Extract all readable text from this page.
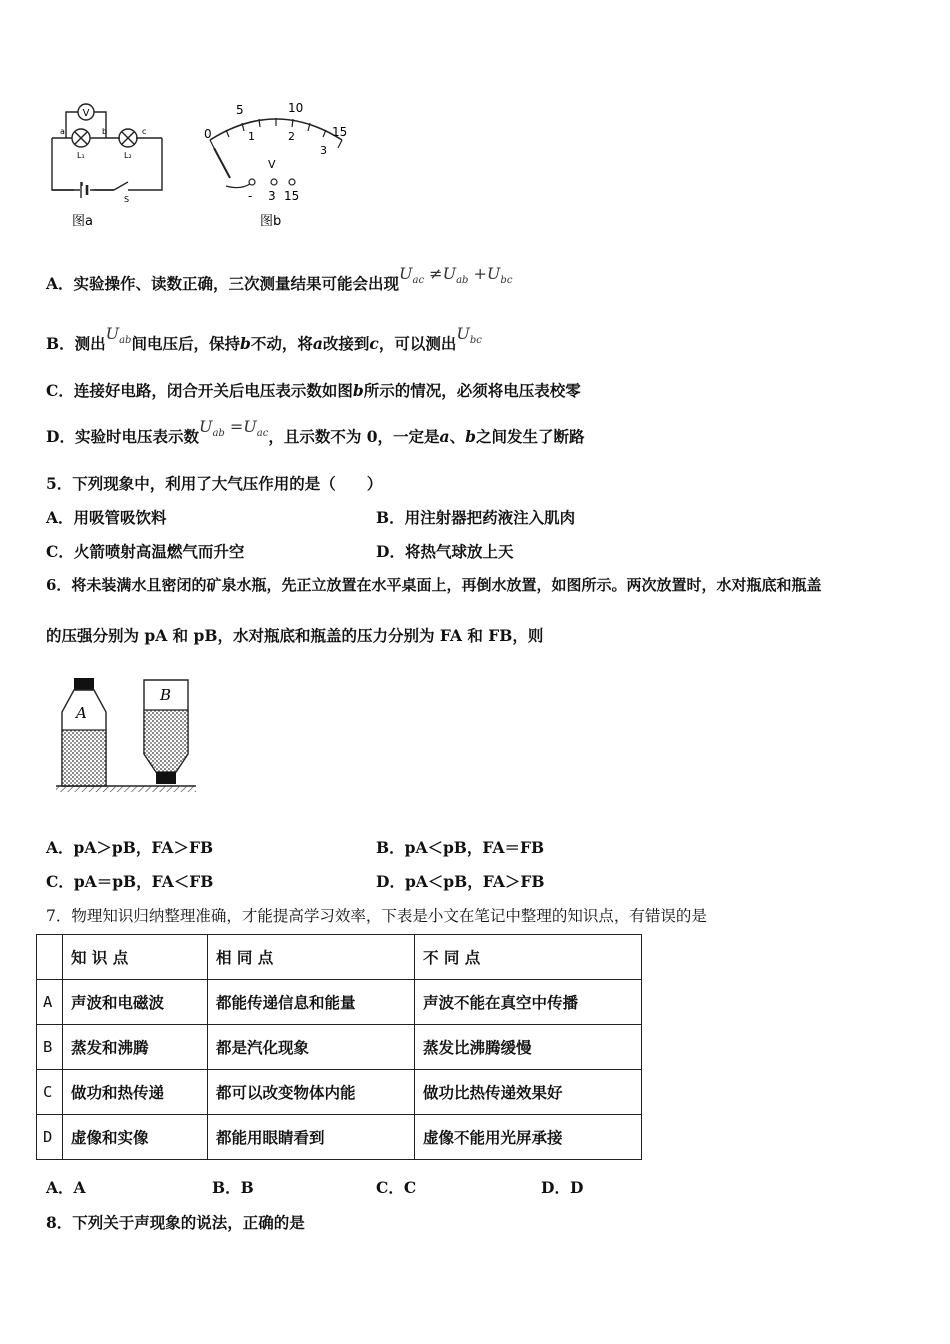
V
a	b	c
L₁	L₂
S
图a
0
5	10
15
1	2
3
V
- 3 15
图b
A．实验操作、读数正确，三次测量结果可能会出现$U_{ac} \ne U_{ab} +U_{bc}$
B．测出$U_{ab}$间电压后，保持b不动，将a改接到c，可以测出$U_{bc}$
C．连接好电路，闭合开关后电压表示数如图b所示的情况，必须将电压表校零
D．实验时电压表示数$U_{ab} =U_{ac}$，且示数不为 0，一定是a、b之间发生了断路
5．下列现象中，利用了大气压作用的是（　　）
A．用吸管吸饮料	B．用注射器把药液注入肌肉
C．火箭喷射高温燃气而升空	D．将热气球放上天
6．将未装满水且密闭的矿泉水瓶，先正立放置在水平桌面上，再倒水放置，如图所示。两次放置时，水对瓶底和瓶盖
的压强分别为 pA 和 pB，水对瓶底和瓶盖的压力分别为 FA 和 FB，则
A
B
A．pA＞pB，FA＞FB	B．pA＜pB，FA＝FB
C．pA＝pB，FA＜FB	D．pA＜pB，FA＞FB
7．物理知识归纳整理准确，才能提高学习效率，下表是小文在笔记中整理的知识点，有错误的是
	知 识 点	相 同 点	不 同 点
A	声波和电磁波	都能传递信息和能量	声波不能在真空中传播
B	蒸发和沸腾	都是汽化现象	蒸发比沸腾缓慢
C	做功和热传递	都可以改变物体内能	做功比热传递效果好
D	虚像和实像	都能用眼睛看到	虚像不能用光屏承接
A．A	B．B	C．C	D．D
8．下列关于声现象的说法，正确的是
